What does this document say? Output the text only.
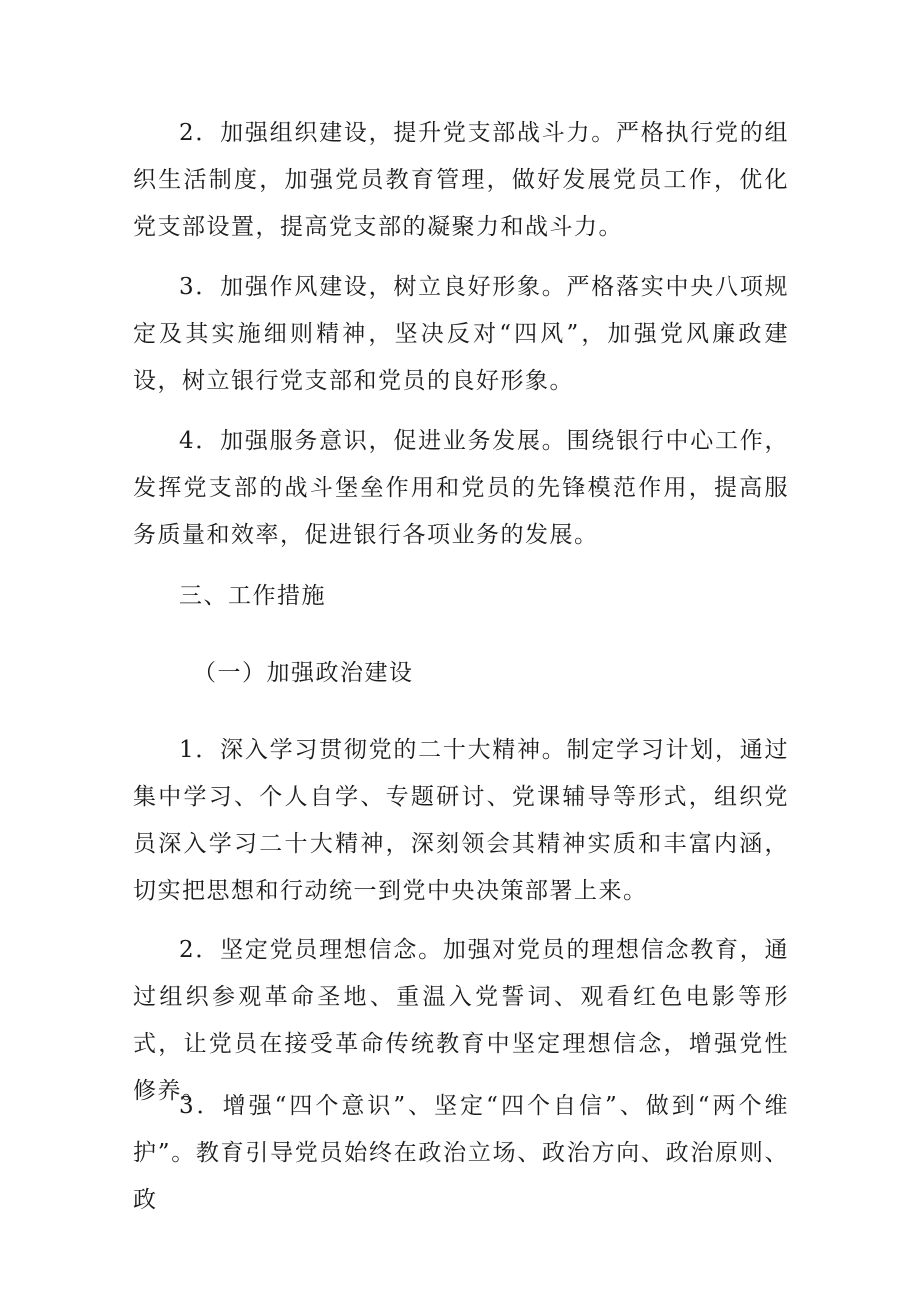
2．加强组织建设，提升党支部战斗力。严格执行党的组织生活制度，加强党员教育管理，做好发展党员工作，优化党支部设置，提高党支部的凝聚力和战斗力。

3．加强作风建设，树立良好形象。严格落实中央八项规定及其实施细则精神，坚决反对“四风”，加强党风廉政建设，树立银行党支部和党员的良好形象。

4．加强服务意识，促进业务发展。围绕银行中心工作，发挥党支部的战斗堡垒作用和党员的先锋模范作用，提高服务质量和效率，促进银行各项业务的发展。

三、工作措施

（一）加强政治建设

1．深入学习贯彻党的二十大精神。制定学习计划，通过集中学习、个人自学、专题研讨、党课辅导等形式，组织党员深入学习二十大精神，深刻领会其精神实质和丰富内涵，切实把思想和行动统一到党中央决策部署上来。

2．坚定党员理想信念。加强对党员的理想信念教育，通过组织参观革命圣地、重温入党誓词、观看红色电影等形式，让党员在接受革命传统教育中坚定理想信念，增强党性修养。

3．增强“四个意识”、坚定“四个自信”、做到“两个维护”。教育引导党员始终在政治立场、政治方向、政治原则、政
